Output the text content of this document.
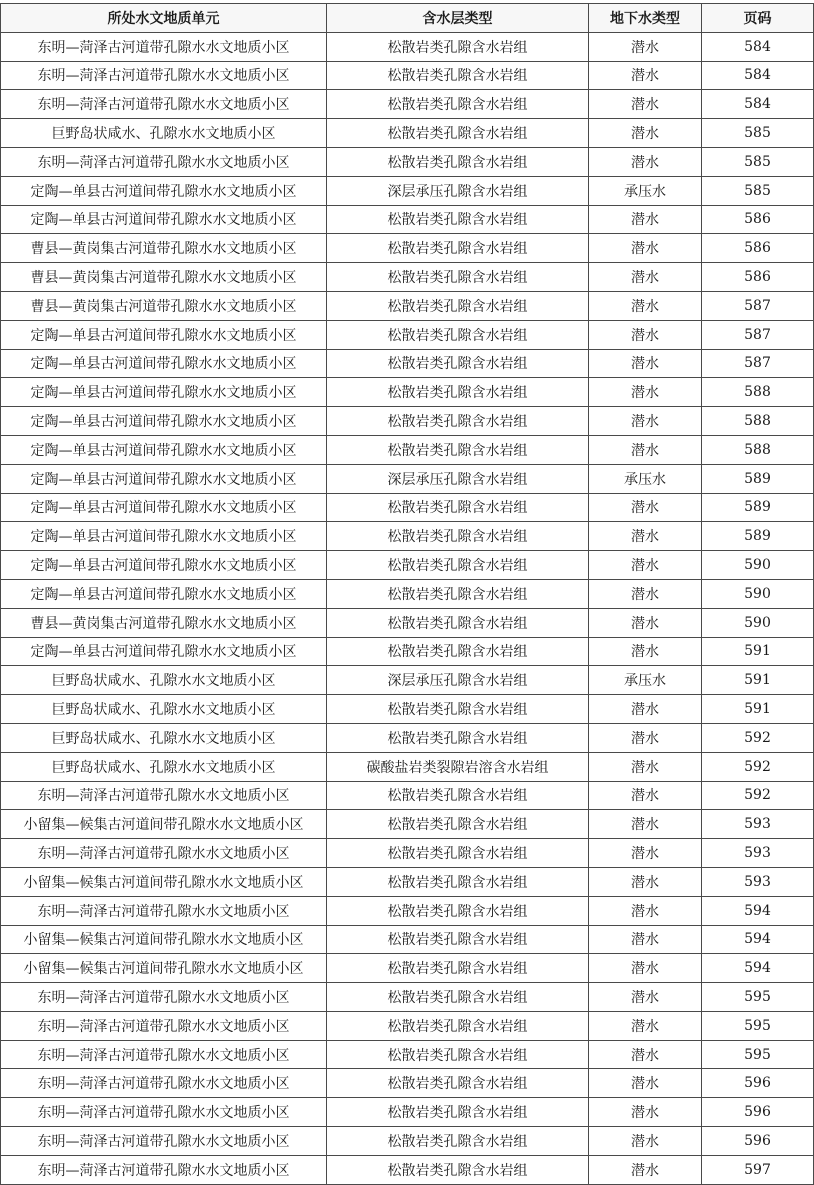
所处水文地质单元	含水层类型	地下水类型	页码
东明—菏泽古河道带孔隙水水文地质小区	松散岩类孔隙含水岩组	潜水	584
东明—菏泽古河道带孔隙水水文地质小区	松散岩类孔隙含水岩组	潜水	584
东明—菏泽古河道带孔隙水水文地质小区	松散岩类孔隙含水岩组	潜水	584
巨野岛状咸水、孔隙水水文地质小区	松散岩类孔隙含水岩组	潜水	585
东明—菏泽古河道带孔隙水水文地质小区	松散岩类孔隙含水岩组	潜水	585
定陶—单县古河道间带孔隙水水文地质小区	深层承压孔隙含水岩组	承压水	585
定陶—单县古河道间带孔隙水水文地质小区	松散岩类孔隙含水岩组	潜水	586
曹县—黄岗集古河道带孔隙水水文地质小区	松散岩类孔隙含水岩组	潜水	586
曹县—黄岗集古河道带孔隙水水文地质小区	松散岩类孔隙含水岩组	潜水	586
曹县—黄岗集古河道带孔隙水水文地质小区	松散岩类孔隙含水岩组	潜水	587
定陶—单县古河道间带孔隙水水文地质小区	松散岩类孔隙含水岩组	潜水	587
定陶—单县古河道间带孔隙水水文地质小区	松散岩类孔隙含水岩组	潜水	587
定陶—单县古河道间带孔隙水水文地质小区	松散岩类孔隙含水岩组	潜水	588
定陶—单县古河道间带孔隙水水文地质小区	松散岩类孔隙含水岩组	潜水	588
定陶—单县古河道间带孔隙水水文地质小区	松散岩类孔隙含水岩组	潜水	588
定陶—单县古河道间带孔隙水水文地质小区	深层承压孔隙含水岩组	承压水	589
定陶—单县古河道间带孔隙水水文地质小区	松散岩类孔隙含水岩组	潜水	589
定陶—单县古河道间带孔隙水水文地质小区	松散岩类孔隙含水岩组	潜水	589
定陶—单县古河道间带孔隙水水文地质小区	松散岩类孔隙含水岩组	潜水	590
定陶—单县古河道间带孔隙水水文地质小区	松散岩类孔隙含水岩组	潜水	590
曹县—黄岗集古河道带孔隙水水文地质小区	松散岩类孔隙含水岩组	潜水	590
定陶—单县古河道间带孔隙水水文地质小区	松散岩类孔隙含水岩组	潜水	591
巨野岛状咸水、孔隙水水文地质小区	深层承压孔隙含水岩组	承压水	591
巨野岛状咸水、孔隙水水文地质小区	松散岩类孔隙含水岩组	潜水	591
巨野岛状咸水、孔隙水水文地质小区	松散岩类孔隙含水岩组	潜水	592
巨野岛状咸水、孔隙水水文地质小区	碳酸盐岩类裂隙岩溶含水岩组	潜水	592
东明—菏泽古河道带孔隙水水文地质小区	松散岩类孔隙含水岩组	潜水	592
小留集—候集古河道间带孔隙水水文地质小区	松散岩类孔隙含水岩组	潜水	593
东明—菏泽古河道带孔隙水水文地质小区	松散岩类孔隙含水岩组	潜水	593
小留集—候集古河道间带孔隙水水文地质小区	松散岩类孔隙含水岩组	潜水	593
东明—菏泽古河道带孔隙水水文地质小区	松散岩类孔隙含水岩组	潜水	594
小留集—候集古河道间带孔隙水水文地质小区	松散岩类孔隙含水岩组	潜水	594
小留集—候集古河道间带孔隙水水文地质小区	松散岩类孔隙含水岩组	潜水	594
东明—菏泽古河道带孔隙水水文地质小区	松散岩类孔隙含水岩组	潜水	595
东明—菏泽古河道带孔隙水水文地质小区	松散岩类孔隙含水岩组	潜水	595
东明—菏泽古河道带孔隙水水文地质小区	松散岩类孔隙含水岩组	潜水	595
东明—菏泽古河道带孔隙水水文地质小区	松散岩类孔隙含水岩组	潜水	596
东明—菏泽古河道带孔隙水水文地质小区	松散岩类孔隙含水岩组	潜水	596
东明—菏泽古河道带孔隙水水文地质小区	松散岩类孔隙含水岩组	潜水	596
东明—菏泽古河道带孔隙水水文地质小区	松散岩类孔隙含水岩组	潜水	597
